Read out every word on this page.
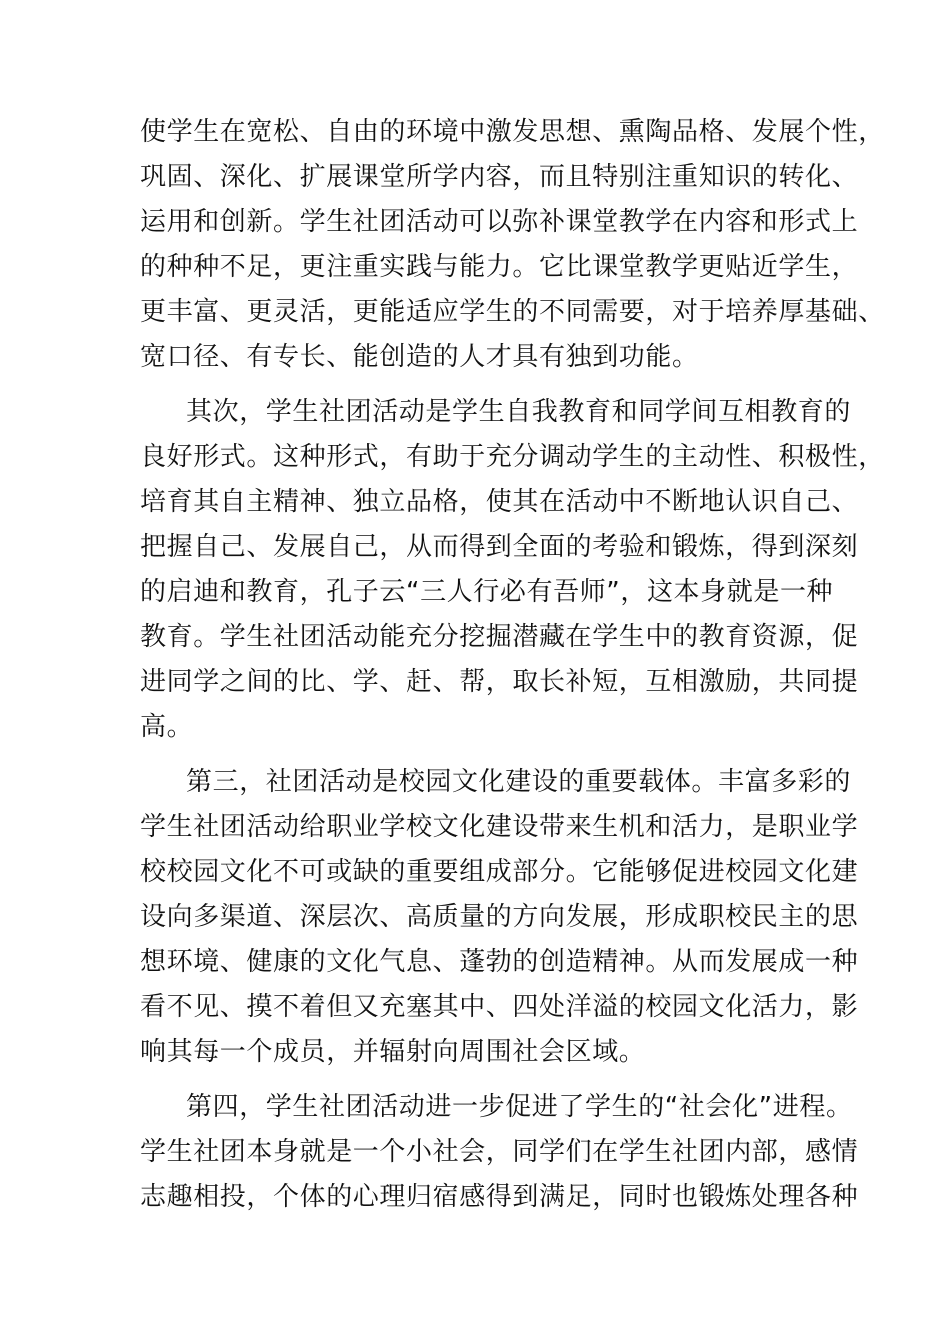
使学生在宽松、自由的环境中激发思想、熏陶品格、发展个性，
巩固、深化、扩展课堂所学内容，而且特别注重知识的转化、
运用和创新。学生社团活动可以弥补课堂教学在内容和形式上
的种种不足，更注重实践与能力。它比课堂教学更贴近学生，
更丰富、更灵活，更能适应学生的不同需要，对于培养厚基础、
宽口径、有专长、能创造的人才具有独到功能。
其次，学生社团活动是学生自我教育和同学间互相教育的
良好形式。这种形式，有助于充分调动学生的主动性、积极性，
培育其自主精神、独立品格，使其在活动中不断地认识自己、
把握自己、发展自己，从而得到全面的考验和锻炼，得到深刻
的启迪和教育，孔子云“三人行必有吾师”，这本身就是一种
教育。学生社团活动能充分挖掘潜藏在学生中的教育资源，促
进同学之间的比、学、赶、帮，取长补短，互相激励，共同提
高。
第三，社团活动是校园文化建设的重要载体。丰富多彩的
学生社团活动给职业学校文化建设带来生机和活力，是职业学
校校园文化不可或缺的重要组成部分。它能够促进校园文化建
设向多渠道、深层次、高质量的方向发展，形成职校民主的思
想环境、健康的文化气息、蓬勃的创造精神。从而发展成一种
看不见、摸不着但又充塞其中、四处洋溢的校园文化活力，影
响其每一个成员，并辐射向周围社会区域。
第四，学生社团活动进一步促进了学生的“社会化”进程。
学生社团本身就是一个小社会，同学们在学生社团内部，感情
志趣相投，个体的心理归宿感得到满足，同时也锻炼处理各种
